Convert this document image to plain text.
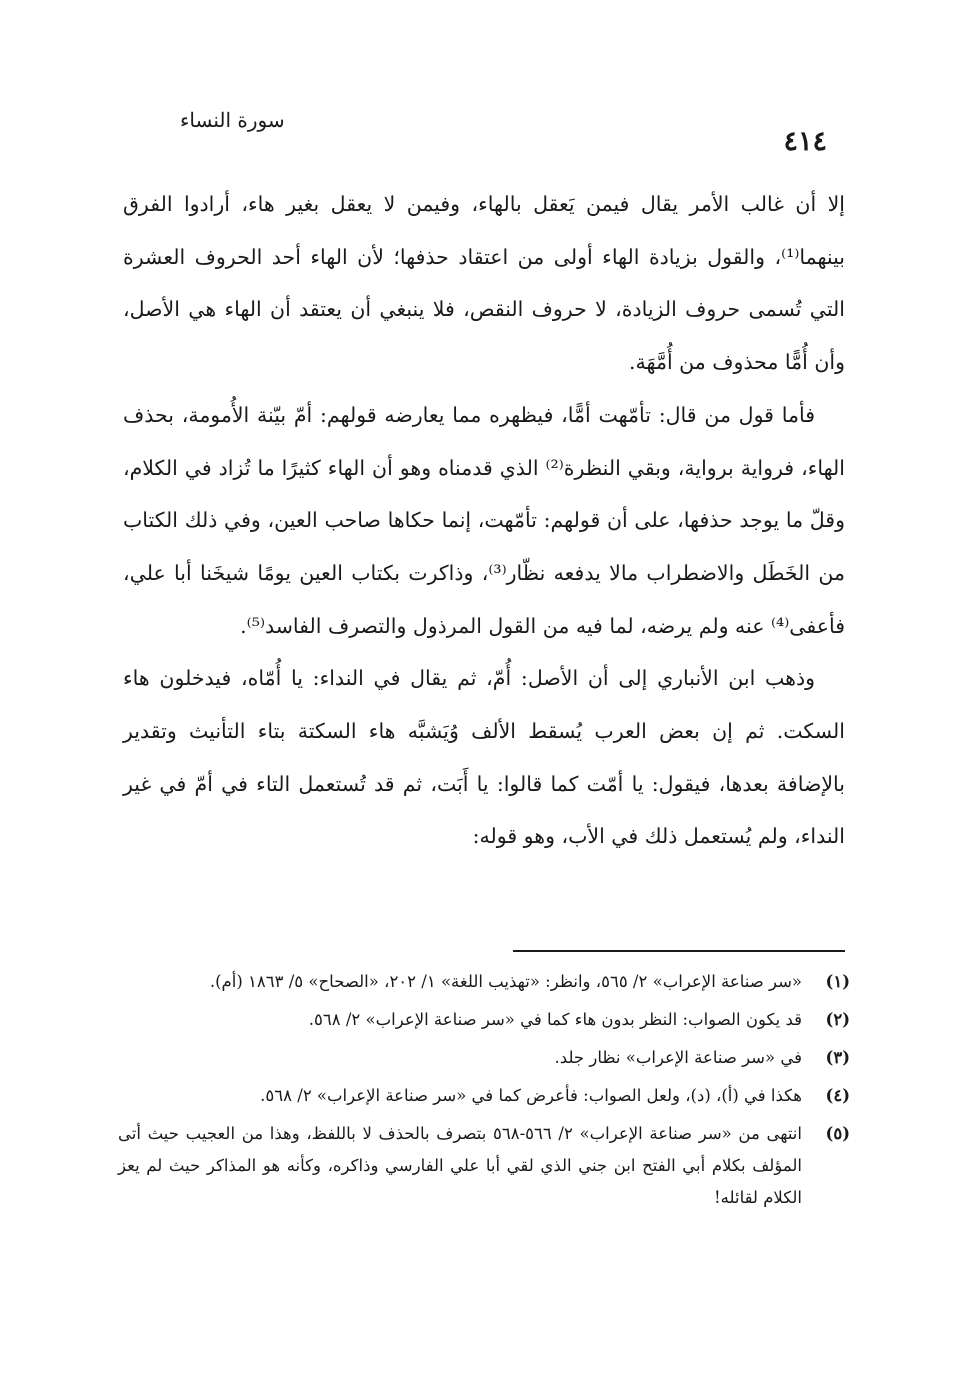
٤١٤
سورة النساء

إلا أن غالب الأمر يقال فيمن يَعقل بالهاء، وفيمن لا يعقل بغير هاء، أرادوا الفرق بينهما⁽¹⁾، والقول بزيادة الهاء أولى من اعتقاد حذفها؛ لأن الهاء أحد الحروف العشرة التي تُسمى حروف الزيادة، لا حروف النقص، فلا ينبغي أن يعتقد أن الهاء هي الأصل، وأن أُمًّا محذوف من أُمَّهَة.

فأما قول من قال: تأمّهت أمًّا، فيظهره مما يعارضه قولهم: أمّ بيّنة الأُمومة، بحذف الهاء، فرواية برواية، وبقي النظرة⁽²⁾ الذي قدمناه وهو أن الهاء كثيرًا ما تُزاد في الكلام، وقلّ ما يوجد حذفها، على أن قولهم: تأمّهت، إنما حكاها صاحب العين، وفي ذلك الكتاب من الخَطَل والاضطراب مالا يدفعه نظّار⁽³⁾، وذاكرت بكتاب العين يومًا شيخَنا أبا علي، فأعفى⁽⁴⁾ عنه ولم يرضه، لما فيه من القول المرذول والتصرف الفاسد⁽⁵⁾.

وذهب ابن الأنباري إلى أن الأصل: أُمّ، ثم يقال في النداء: يا أُمّاه، فيدخلون هاء السكت. ثم إن بعض العرب يُسقط الألف وُيَشبَّه هاء السكتة بتاء التأنيث وتقدير بالإضافة بعدها، فيقول: يا أمّت كما قالوا: يا أَبَت، ثم قد تُستعمل التاء في أمّ في غير النداء، ولم يُستعمل ذلك في الأب، وهو قوله:

(١)
«سر صناعة الإعراب» ٢/ ٥٦٥، وانظر: «تهذيب اللغة» ١/ ٢٠٢، «الصحاح» ٥/ ١٨٦٣ (أم).
(٢)
قد يكون الصواب: النظر بدون هاء كما في «سر صناعة الإعراب» ٢/ ٥٦٨.
(٣)
في «سر صناعة الإعراب» نظار جلد.
(٤)
هكذا في (أ)، (د)، ولعل الصواب: فأعرض كما في «سر صناعة الإعراب» ٢/ ٥٦٨.
(٥)
انتهى من «سر صناعة الإعراب» ٢/ ٥٦٦-٥٦٨ بتصرف بالحذف لا باللفظ، وهذا من العجيب حيث أتى المؤلف بكلام أبي الفتح ابن جني الذي لقي أبا علي الفارسي وذاكره، وكأنه هو المذاكر حيث لم يعز الكلام لقائله!
